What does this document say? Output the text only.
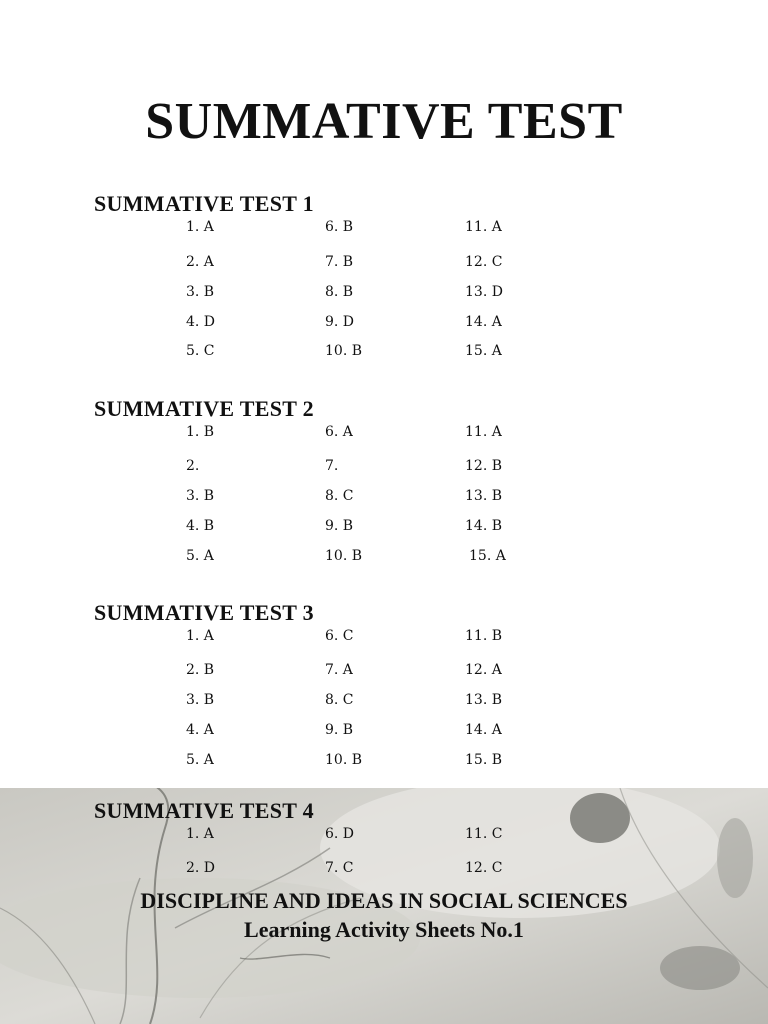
SUMMATIVE TEST
SUMMATIVE TEST 1
1. A
2. A
3. B
4. D
5. C
6. B
7. B
8. B
9. D
10. B
11. A
12. C
13. D
14. A
15. A
SUMMATIVE TEST 2
1. B
2.
3. B
4. B
5. A
6. A
7.
8. C
9. B
10. B
11. A
12. B
13. B
14. B
15. A
SUMMATIVE TEST 3
1. A
2. B
3. B
4. A
5. A
6. C
7. A
8. C
9. B
10. B
11. B
12. A
13. B
14. A
15. B
SUMMATIVE TEST 4
1. A
2. D
6. D
7. C
11. C
12. C

DISCIPLINE AND IDEAS IN SOCIAL SCIENCES

Learning Activity Sheets No.1
